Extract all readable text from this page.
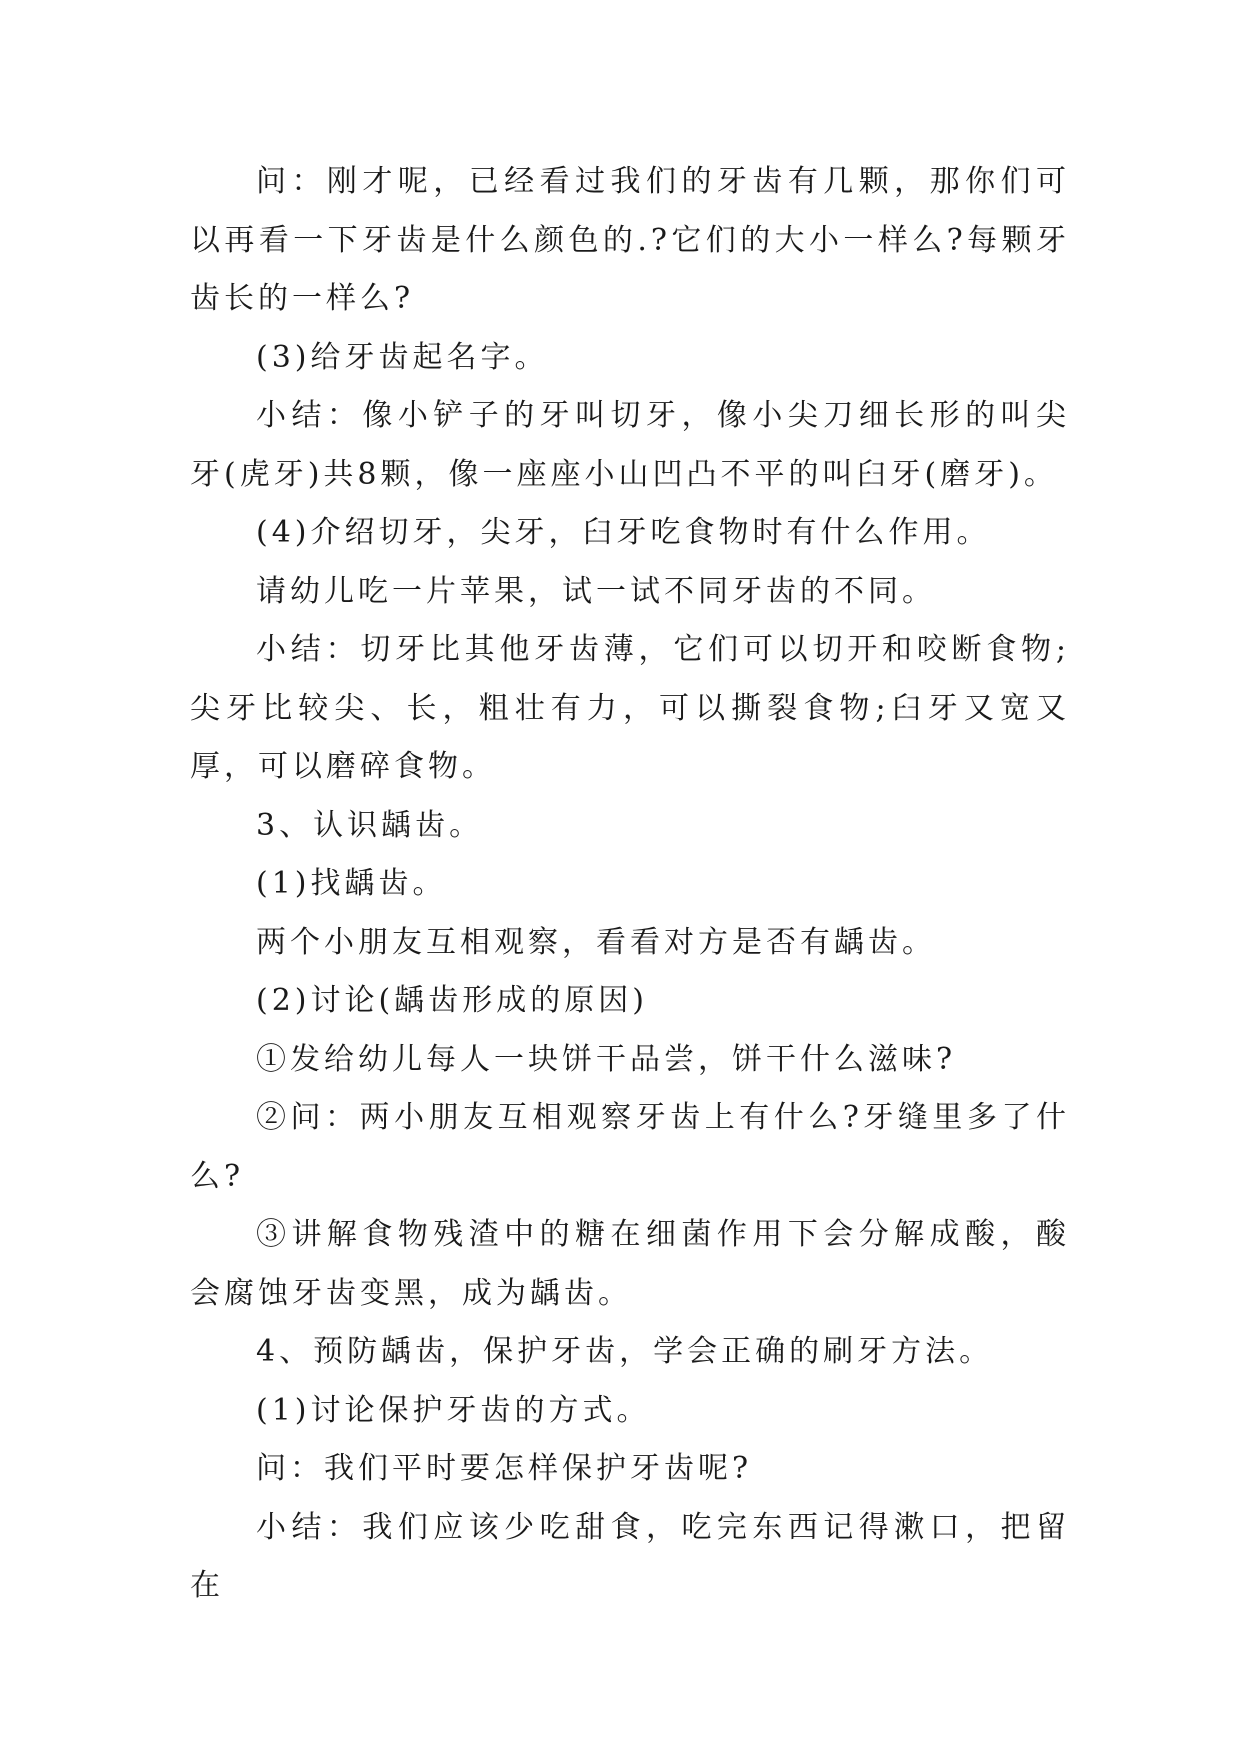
问：刚才呢，已经看过我们的牙齿有几颗，那你们可以再看一下牙齿是什么颜色的.?它们的大小一样么?每颗牙齿长的一样么?

(3)给牙齿起名字。

小结：像小铲子的牙叫切牙，像小尖刀细长形的叫尖牙(虎牙)共8颗，像一座座小山凹凸不平的叫臼牙(磨牙)。

(4)介绍切牙，尖牙，臼牙吃食物时有什么作用。

请幼儿吃一片苹果，试一试不同牙齿的不同。

小结：切牙比其他牙齿薄，它们可以切开和咬断食物;尖牙比较尖、长，粗壮有力，可以撕裂食物;臼牙又宽又厚，可以磨碎食物。

3、认识龋齿。

(1)找龋齿。

两个小朋友互相观察，看看对方是否有龋齿。

(2)讨论(龋齿形成的原因)

①发给幼儿每人一块饼干品尝，饼干什么滋味?

②问：两小朋友互相观察牙齿上有什么?牙缝里多了什么?

③讲解食物残渣中的糖在细菌作用下会分解成酸，酸会腐蚀牙齿变黑，成为龋齿。

4、预防龋齿，保护牙齿，学会正确的刷牙方法。

(1)讨论保护牙齿的方式。

问：我们平时要怎样保护牙齿呢?

小结：我们应该少吃甜食，吃完东西记得漱口，把留在
